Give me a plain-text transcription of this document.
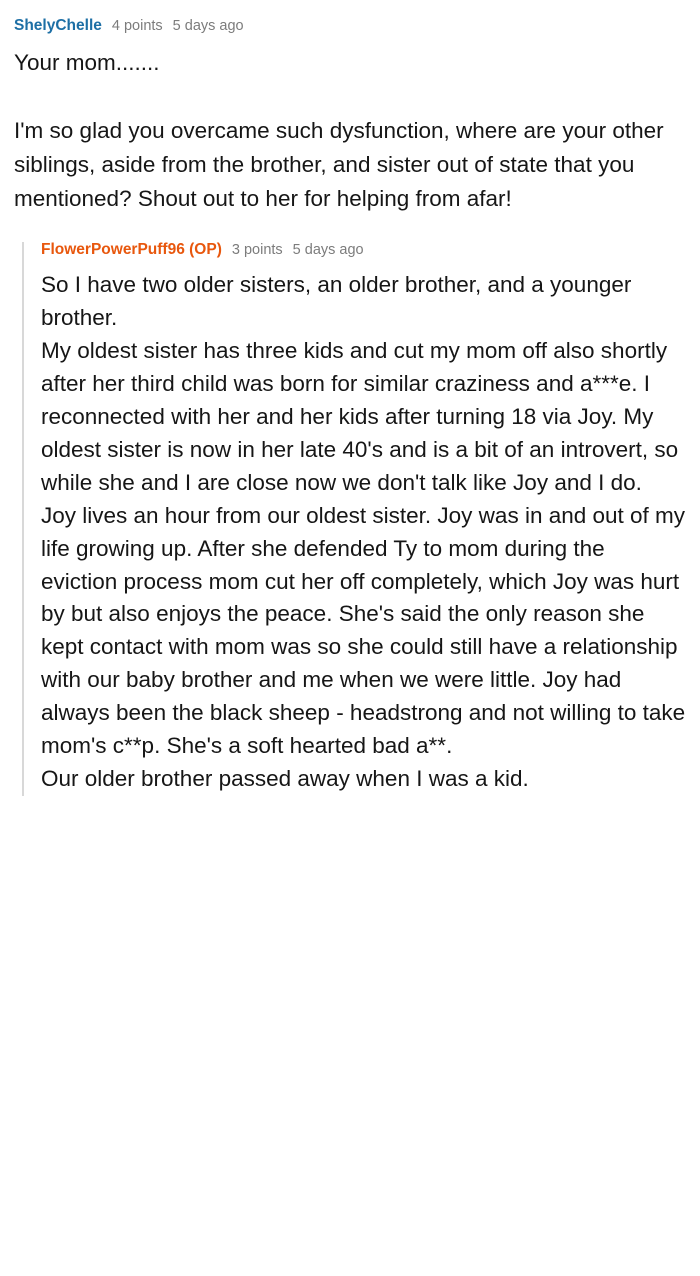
ShelyChelle 4 points 5 days ago

Your mom.......

I'm so glad you overcame such dysfunction, where are your other siblings, aside from the brother, and sister out of state that you mentioned? Shout out to her for helping from afar!

FlowerPowerPuff96 (OP) 3 points 5 days ago

So I have two older sisters, an older brother, and a younger brother.

My oldest sister has three kids and cut my mom off also shortly after her third child was born for similar craziness and a***e. I reconnected with her and her kids after turning 18 via Joy. My oldest sister is now in her late 40's and is a bit of an introvert, so while she and I are close now we don't talk like Joy and I do.

Joy lives an hour from our oldest sister. Joy was in and out of my life growing up. After she defended Ty to mom during the eviction process mom cut her off completely, which Joy was hurt by but also enjoys the peace. She's said the only reason she kept contact with mom was so she could still have a relationship with our baby brother and me when we were little. Joy had always been the black sheep - headstrong and not willing to take mom's c**p. She's a soft hearted bad a**.

Our older brother passed away when I was a kid.
